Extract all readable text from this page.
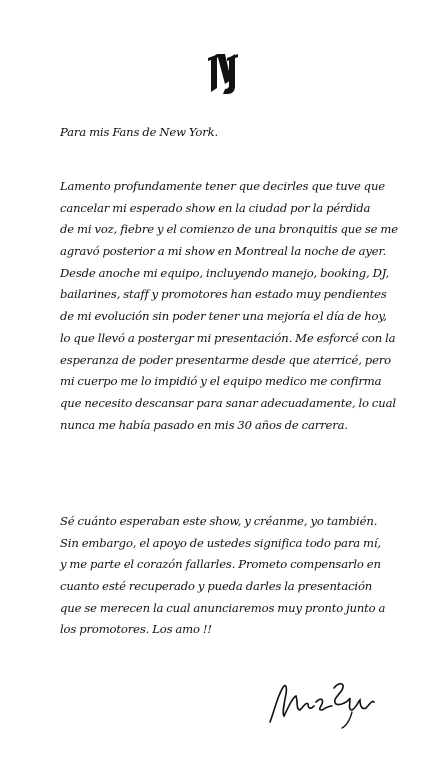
Para mis Fans de New York.
Lamento profundamente tener que decirles que tuve que
cancelar mi esperado show en la ciudad por la pérdida
de mi voz, fiebre y el comienzo de una bronquitis que se me
agravó posterior a mi show en Montreal la noche de ayer.
Desde anoche mi equipo, incluyendo manejo, booking, DJ,
bailarines, staff y promotores han estado muy pendientes
de mi evolución sin poder tener una mejoría el día de hoy,
lo que llevó a postergar mi presentación. Me esforcé con la
esperanza de poder presentarme desde que aterricé, pero
mi cuerpo me lo impidió y el equipo medico me confirma
que necesito descansar para sanar adecuadamente, lo cual
nunca me había pasado en mis 30 años de carrera.
Sé cuánto esperaban este show, y créanme, yo también.
Sin embargo, el apoyo de ustedes significa todo para mí,
y me parte el corazón fallarles. Prometo compensarlo en
cuanto esté recuperado y pueda darles la presentación
que se merecen la cual anunciaremos muy pronto junto a
los promotores. Los amo !!
